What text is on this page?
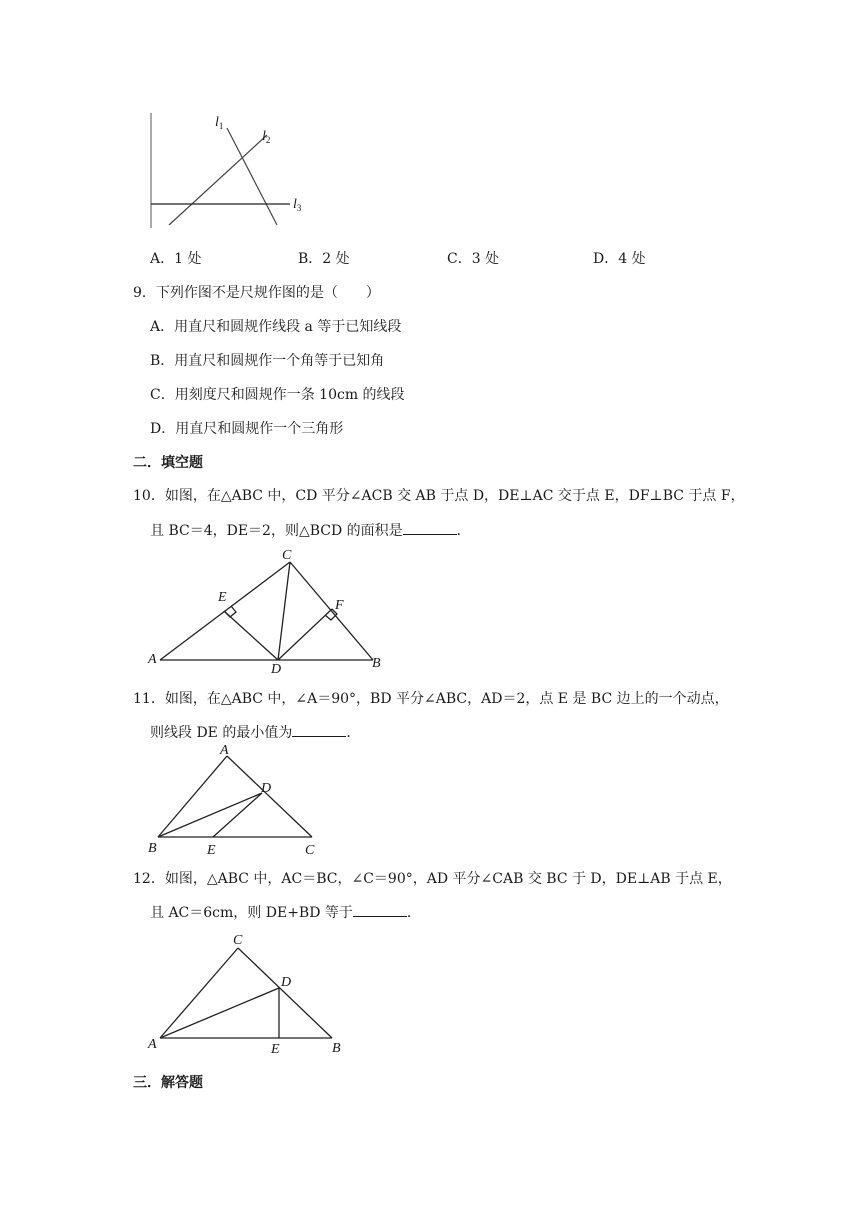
$l_1$
$l_2$
$l_3$
A．1 处	B．2 处	C．3 处	D．4 处
9．下列作图不是尺规作图的是（　　）
A．用直尺和圆规作线段 a 等于已知线段
B．用直尺和圆规作一个角等于已知角
C．用刻度尺和圆规作一条 10cm 的线段
D．用直尺和圆规作一个三角形
二．填空题
10．如图，在△ABC 中，CD 平分∠ACB 交 AB 于点 D，DE⊥AC 交于点 E，DF⊥BC 于点 F，
且 BC＝4，DE＝2，则△BCD 的面积是	．
A	B
C
D
E
F
11．如图，在△ABC 中，∠A＝90°，BD 平分∠ABC，AD＝2，点 E 是 BC 边上的一个动点，
则线段 DE 的最小值为	．
A
B	C
D
E
12．如图，△ABC 中，AC＝BC，∠C＝90°，AD 平分∠CAB 交 BC 于 D，DE⊥AB 于点 E，
且 AC＝6cm，则 DE+BD 等于	．
A	B
C
D
E
三．解答题
